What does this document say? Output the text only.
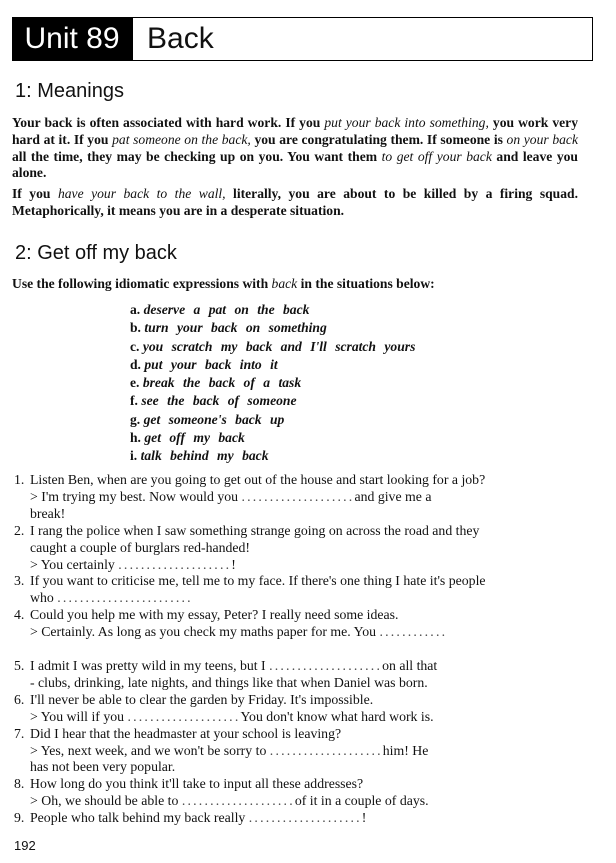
Unit 89 Back
1: Meanings
Your back is often associated with hard work. If you put your back into something, you work very hard at it. If you pat someone on the back, you are congratulating them. If someone is on your back all the time, they may be checking up on you. You want them to get off your back and leave you alone.
If you have your back to the wall, literally, you are about to be killed by a firing squad. Metaphorically, it means you are in a desperate situation.
2: Get off my back
Use the following idiomatic expressions with back in the situations below:
a. deserve a pat on the back
b. turn your back on something
c. you scratch my back and I'll scratch yours
d. put your back into it
e. break the back of a task
f. see the back of someone
g. get someone's back up
h. get off my back
i. talk behind my back
1. Listen Ben, when are you going to get out of the house and start looking for a job?
> I'm trying my best. Now would you ....................and give me a
break!
2. I rang the police when I saw something strange going on across the road and they
caught a couple of burglars red-handed!
> You certainly ....................!
3. If you want to criticise me, tell me to my face. If there's one thing I hate it's people
who ........................
4. Could you help me with my essay, Peter? I really need some ideas.
> Certainly. As long as you check my maths paper for me. You ............

5. I admit I was pretty wild in my teens, but I ....................on all that
- clubs, drinking, late nights, and things like that when Daniel was born.
6. I'll never be able to clear the garden by Friday. It's impossible.
> You will if you ....................You don't know what hard work is.
7. Did I hear that the headmaster at your school is leaving?
> Yes, next week, and we won't be sorry to ....................him! He
has not been very popular.
8. How long do you think it'll take to input all these addresses?
> Oh, we should be able to ....................of it in a couple of days.
9. People who talk behind my back really ....................!
192
